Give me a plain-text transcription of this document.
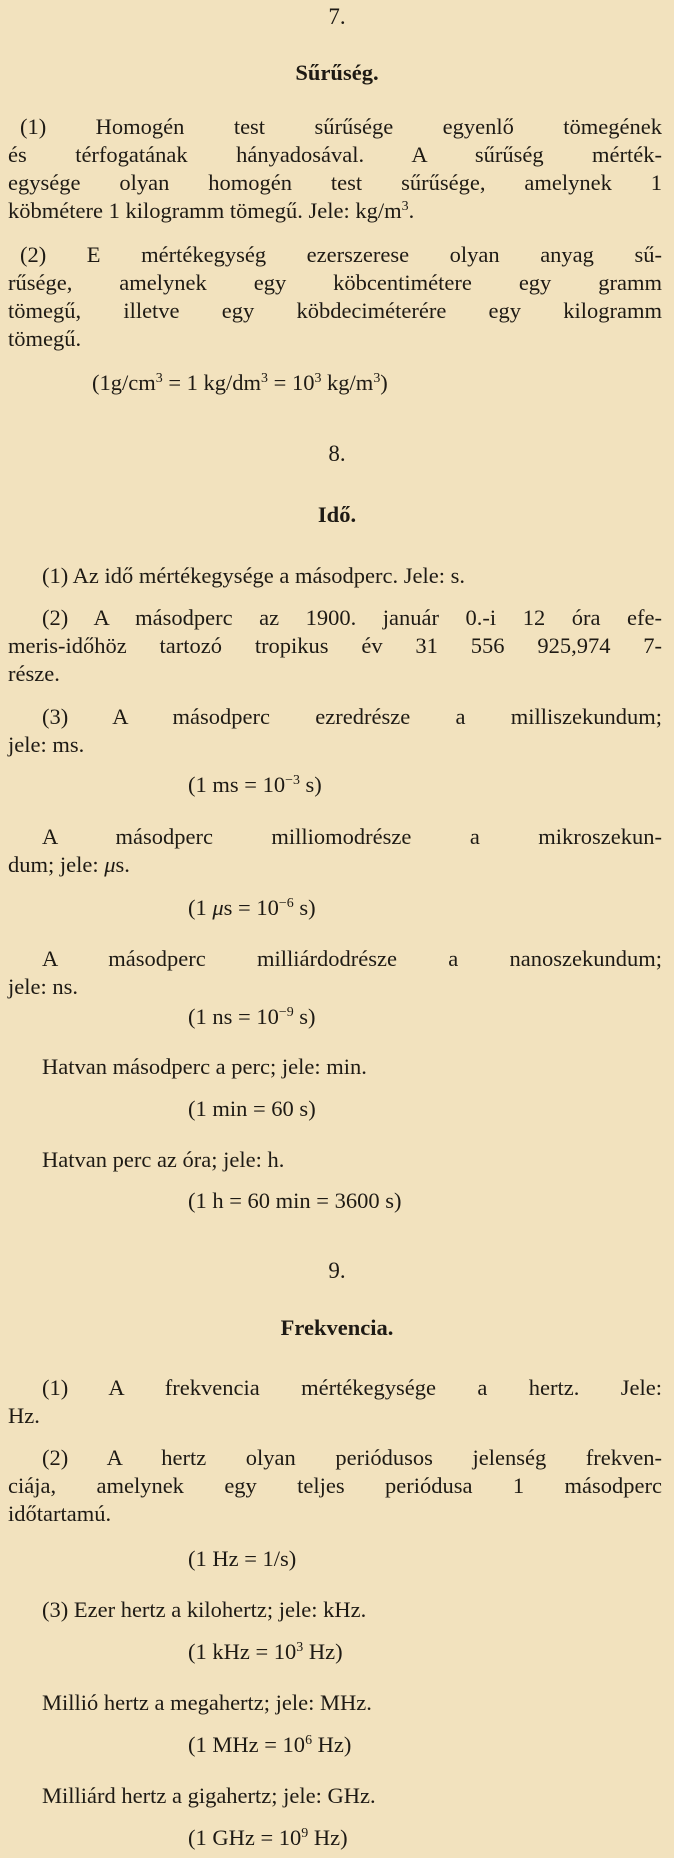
7.
Sűrűség.
(1) Homogén test sűrűsége egyenlő tömegének
és térfogatának hányadosával. A sűrűség mérték-
egysége olyan homogén test sűrűsége, amelynek 1
köbmétere 1 kilogramm tömegű. Jele: $kg/m^3$.
(2) E mértékegység ezerszerese olyan anyag sű-
rűsége, amelynek egy köbcentimétere egy gramm
tömegű, illetve egy köbdeciméterére egy kilogramm
tömegű.
($1g/cm^3 = 1$ $kg/dm^3 = 10^3$ $kg/m^3$)
8.
Idő.
(1) Az idő mértékegysége a másodperc. Jele: s.
(2) A másodperc az 1900. január 0.-i 12 óra efe-
meris-időhöz tartozó tropikus év 31 556 925,974 7-
része.
(3) A másodperc ezredrésze a milliszekundum;
jele: ms.
(1 ms = $10^{-3}$ s)
A másodperc milliomodrésze a mikroszekun-
dum; jele: μs.
(1 $\mu s = 10^{-6}$ s)
A másodperc milliárdodrésze a nanoszekundum;
jele: ns.
(1 ns = $10^{-9}$ s)
Hatvan másodperc a perc; jele: min.
(1 min = 60 s)
Hatvan perc az óra; jele: h.
(1 h = 60 min = 3600 s)
9.
Frekvencia.
(1) A frekvencia mértékegysége a hertz. Jele:
Hz.
(2) A hertz olyan periódusos jelenség frekven-
ciája, amelynek egy teljes periódusa 1 másodperc
időtartamú.
(1 Hz = 1/s)
(3) Ezer hertz a kilohertz; jele: kHz.
(1 kHz = $10^3$ Hz)
Millió hertz a megahertz; jele: MHz.
(1 MHz = $10^6$ Hz)
Milliárd hertz a gigahertz; jele: GHz.
(1 GHz = $10^9$ Hz)
